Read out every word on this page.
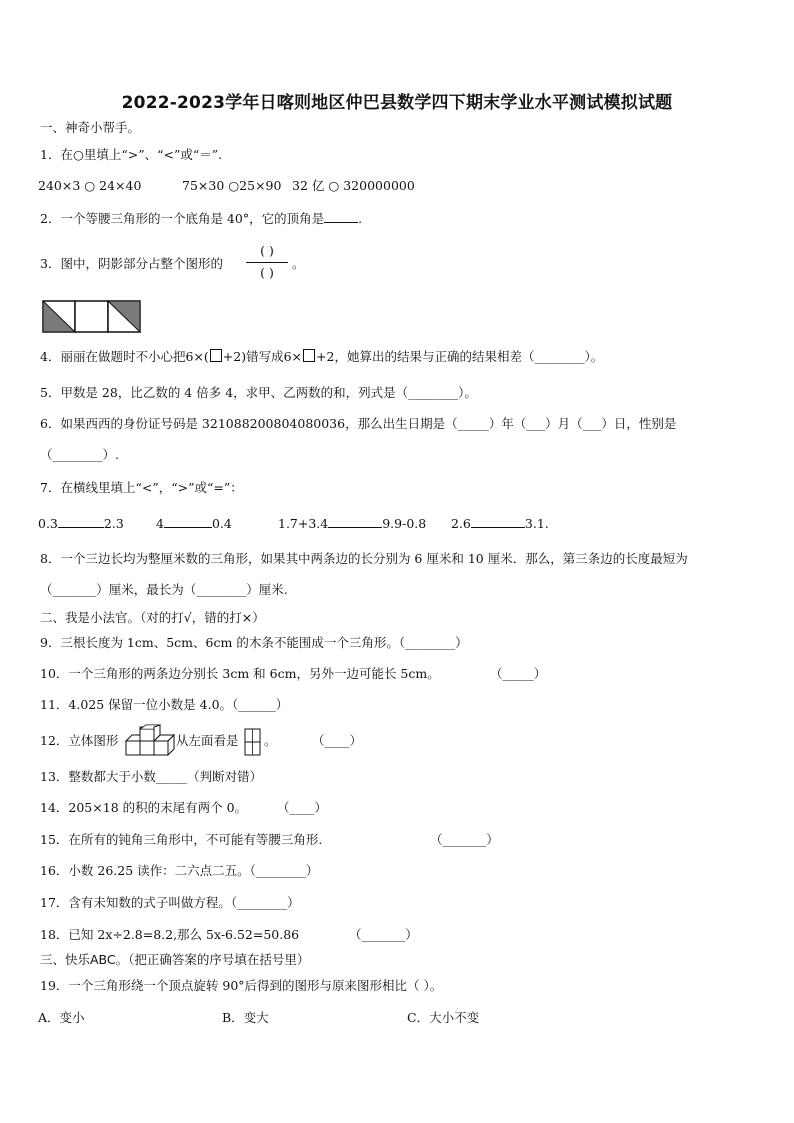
2022-2023学年日喀则地区仲巴县数学四下期末学业水平测试模拟试题
一、神奇小帮手。
1．在○里填上“>”、“<”或“＝”.
240×3 ○ 24×40	75×30 ○25×90 32 亿 ○ 320000000
2．一个等腰三角形的一个底角是 40°，它的顶角是	.
3．图中，阴影部分占整个图形的
( )
( )
。
4．丽丽在做题时不小心把6×( +2)错写成6× +2，她算出的结果与正确的结果相差（________）。
5．甲数是 28，比乙数的 4 倍多 4，求甲、乙两数的和，列式是（________）。
6．如果西西的身份证号码是 321088200804080036，那么出生日期是（_____）年（___）月（___）日，性别是
（________）.
7．在横线里填上“<”，“>”或“=”：
0.3	2.3	4	0.4	1.7+3.4	9.9-0.8 2.6	3.1.
8．一个三边长均为整厘米数的三角形，如果其中两条边的长分别为 6 厘米和 10 厘米．那么，第三条边的长度最短为
（_______）厘米，最长为（________）厘米.
二、我是小法官。（对的打√，错的打×）
9．三根长度为 1cm、5cm、6cm 的木条不能围成一个三角形。（________）
10．一个三角形的两条边分别长 3cm 和 6cm，另外一边可能长 5cm。	（_____）
11．4.025 保留一位小数是 4.0。（______）
12．立体图形	从左面看是 。	（____）
13．整数都大于小数_____（判断对错）
14．205×18 的积的末尾有两个 0。 （____）
15．在所有的钝角三角形中，不可能有等腰三角形.	（_______）
16．小数 26.25 读作：二六点二五。（________）
17．含有未知数的式子叫做方程。（________）
18．已知 2x÷2.8=8.2,那么 5x-6.52=50.86	（_______）
三、快乐ABC。（把正确答案的序号填在括号里）
19．一个三角形绕一个顶点旋转 90°后得到的图形与原来图形相比（ ）。
A．变小	B．变大	C．大小不变
